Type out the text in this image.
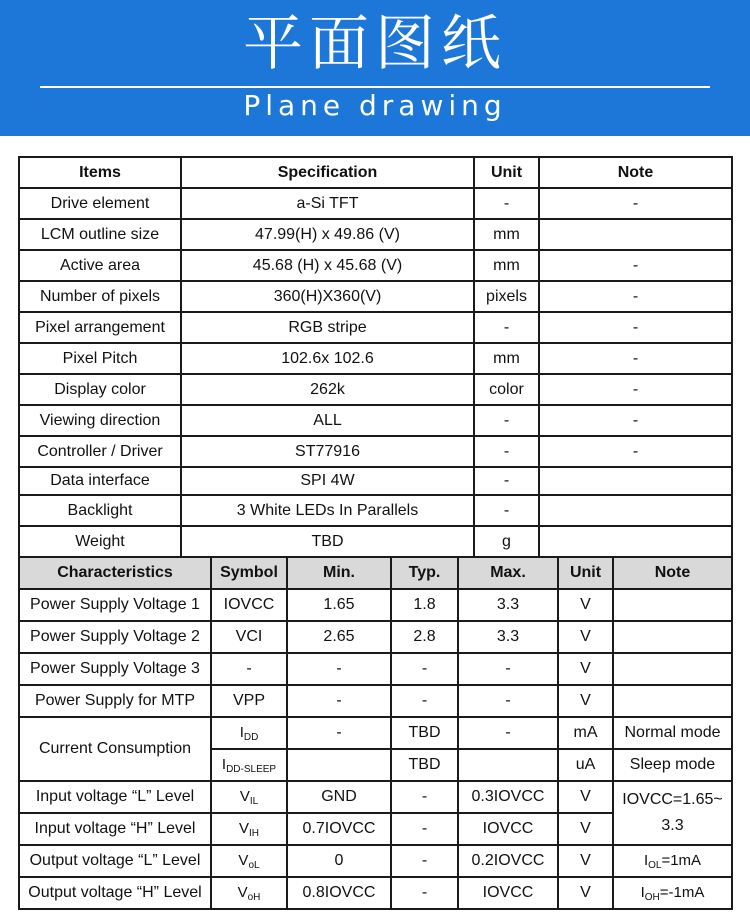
平面图纸
Plane drawing
Items	Specification	Unit	Note
Drive element	a-Si TFT	-	-
LCM outline size	47.99(H) x 49.86 (V)	mm	
Active area	45.68 (H) x 45.68 (V)	mm	-
Number of pixels	360(H)X360(V)	pixels	-
Pixel arrangement	RGB stripe	-	-
Pixel Pitch	102.6x 102.6	mm	-
Display color	262k	color	-
Viewing direction	ALL	-	-
Controller / Driver	ST77916	-	-
Data interface	SPI 4W	-	
Backlight	3 White LEDs In Parallels	-	
Weight	TBD	g	
Characteristics	Symbol	Min.	Typ.	Max.	Unit	Note
Power Supply Voltage 1	IOVCC	1.65	1.8	3.3	V	
Power Supply Voltage 2	VCI	2.65	2.8	3.3	V	
Power Supply Voltage 3	-	-	-	-	V	
Power Supply for MTP	VPP	-	-	-	V	
Current Consumption	$I_{DD}$	-	TBD	-	mA	Normal mode
	$I_{DD-SLEEP}$		TBD		uA	Sleep mode
Input voltage “L” Level	$V_{IL}$	GND	-	0.3IOVCC	V	IOVCC=1.65~ 3.3
Input voltage “H” Level	$V_{IH}$	0.7IOVCC	-	IOVCC	V	
Output voltage “L” Level	$V_{oL}$	0	-	0.2IOVCC	V	$I_{OL}=1mA$
Output voltage “H” Level	$V_{oH}$	0.8IOVCC	-	IOVCC	V	$I_{OH}=-1mA$
